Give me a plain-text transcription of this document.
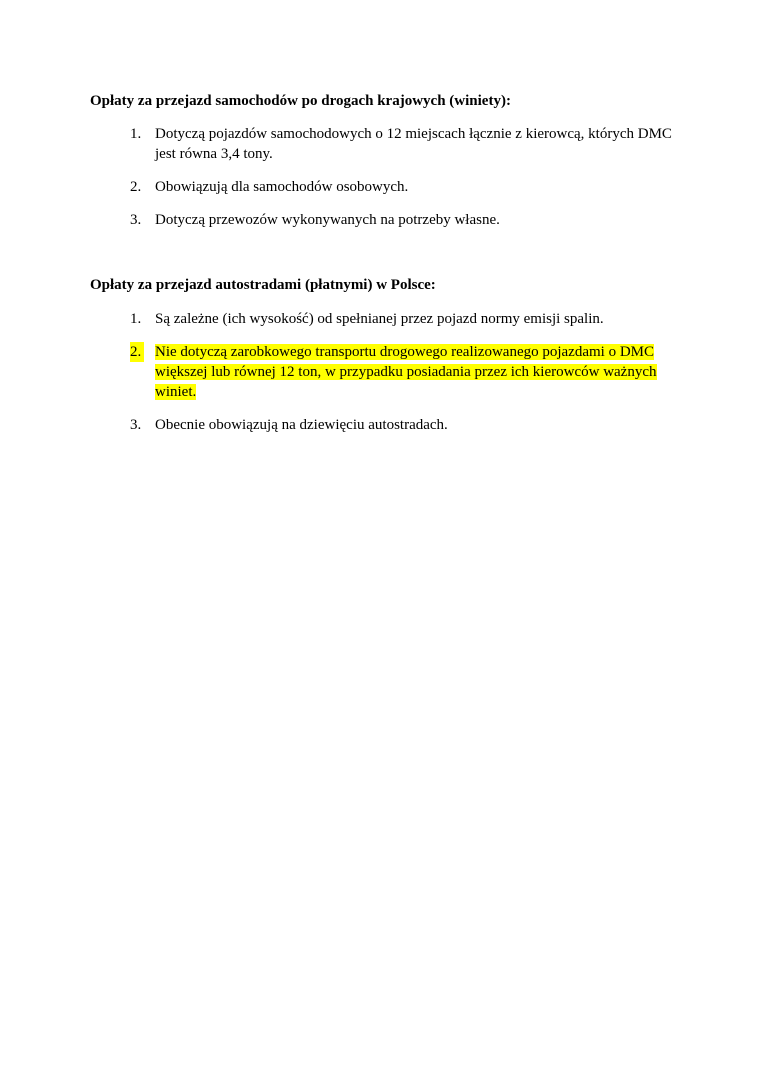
Opłaty za przejazd samochodów po drogach krajowych (winiety):

1. Dotyczą pojazdów samochodowych o 12 miejscach łącznie z kierowcą, których DMC jest równa 3,4 tony.
2. Obowiązują dla samochodów osobowych.
3. Dotyczą przewozów wykonywanych na potrzeby własne.

Opłaty za przejazd autostradami (płatnymi) w Polsce:

1. Są zależne (ich wysokość) od spełnianej przez pojazd normy emisji spalin.
2. Nie dotyczą zarobkowego transportu drogowego realizowanego pojazdami o DMC większej lub równej 12 ton, w przypadku posiadania przez ich kierowców ważnych winiet.
3. Obecnie obowiązują na dziewięciu autostradach.
